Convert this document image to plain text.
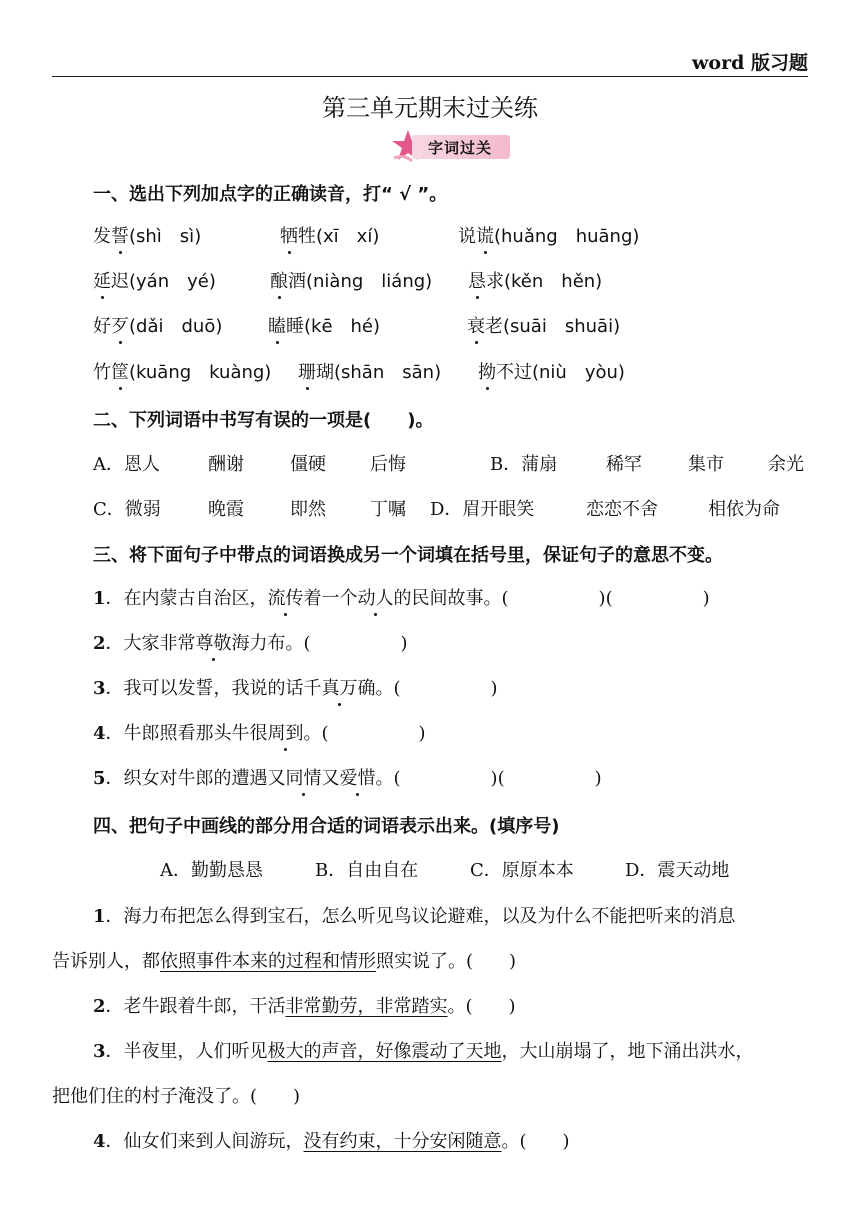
word 版习题
第三单元期末过关练
字词过关
一、选出下列加点字的正确读音，打“ √ ”。
发誓(shì　sì)	牺牲(xī　xí)	说谎(huǎng　huāng)
延迟(yán　yé)	酿酒(niàng　liáng) 恳求(kěn　hěn)
好歹(dǎi　duō)	瞌睡(kē　hé)	衰老(suāi　shuāi)
竹筐(kuāng　kuàng) 珊瑚(shān　sān) 拗不过(niù　yòu)
二、下列词语中书写有误的一项是(　　)。
A．恩人	酬谢	僵硬 后悔	B．蒲扇	稀罕	集市 余光
C．微弱	晚霞	即然 丁嘱 D．眉开眼笑	恋恋不舍	相依为命
三、将下面句子中带点的词语换成另一个词填在括号里，保证句子的意思不变。
1．在内蒙古自治区，流传着一个动人的民间故事。(　　　　　)(　　　　　)
2．大家非常尊敬海力布。(　　　　　)
3．我可以发誓，我说的话千真万确。(　　　　　)
4．牛郎照看那头牛很周到。(　　　　　)
5．织女对牛郎的遭遇又同情又爱惜。(　　　　　)(　　　　　)
四、把句子中画线的部分用合适的词语表示出来。(填序号)
A．勤勤恳恳	B．自由自在	C．原原本本	D．震天动地
1．海力布把怎么得到宝石，怎么听见鸟议论避难，以及为什么不能把听来的消息
告诉别人，都依照事件本来的过程和情形照实说了。(　　)
2．老牛跟着牛郎，干活非常勤劳，非常踏实。(　　)
3．半夜里，人们听见极大的声音，好像震动了天地，大山崩塌了，地下涌出洪水，
把他们住的村子淹没了。(　　)
4．仙女们来到人间游玩，没有约束，十分安闲随意。(　　)
